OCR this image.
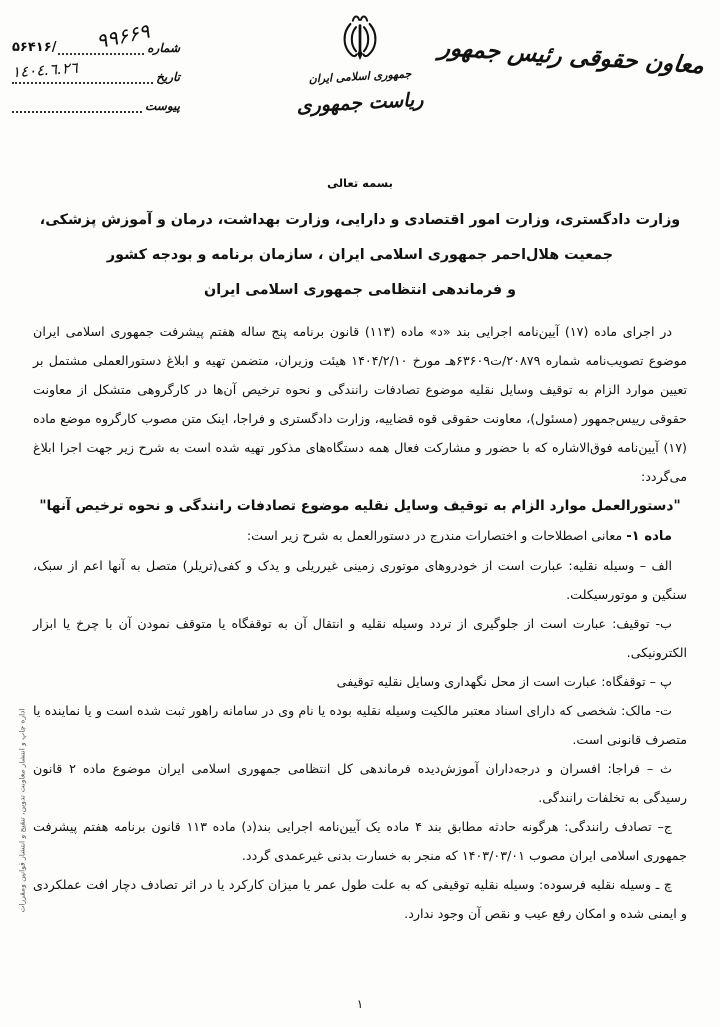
اداره چاپ و انتشار معاونت تدوین، تنقیح و انتشار قوانین ومقررات
معاون حقوقی رئیس جمهور
جمهوری اسلامی ایران
ریاست جمهوری
۹۹۶۶۹
شماره
/۵۶۴۱۶
تاریخ
١٤٠٤.٦.٢٦
پیوست
بسمه تعالی
وزارت دادگستری، وزارت امور اقتصادی و دارایی، وزارت بهداشت، درمان و آموزش پزشکی،
جمعیت هلال‌احمر جمهوری اسلامی ایران ، سازمان برنامه و بودجه کشور
و فرماندهی انتظامی جمهوری اسلامی ایران

در اجرای ماده (۱۷) آیین‌نامه اجرایی بند «د» ماده (۱۱۳) قانون برنامه پنج ساله هفتم پیشرفت جمهوری اسلامی ایران موضوع تصویب‌نامه شماره ۲۰۸۷۹/ت۶۳۶۰۹هـ مورخ ۱۴۰۴/۲/۱۰ هیئت وزیران، متضمن تهیه و ابلاغ دستورالعملی مشتمل بر تعیین موارد الزام به توقیف وسایل نقلیه موضوع تصادفات رانندگی و نحوه ترخیص آن‌ها در کارگروهی متشکل از معاونت حقوقی رییس‌جمهور (مسئول)، معاونت حقوقی قوه قضاییه، وزارت دادگستری و فراجا، اینک متن مصوب کارگروه موضع ماده (۱۷) آیین‌نامه فوق‌الاشاره که با حضور و مشارکت فعال همه دستگاه‌های مذکور تهیه شده است به شرح زیر جهت اجرا ابلاغ می‌گردد:

"دستورالعمل موارد الزام به توقیف وسایل نقلیه موضوع تصادفات رانندگی و نحوه ترخیص آنها"

ماده ۱- معانی اصطلاحات و اختصارات مندرج در دستورالعمل به شرح زیر است:

الف – وسیله نقلیه: عبارت است از خودروهای موتوری زمینی غیرریلی و یدک و کفی(تریلر) متصل به آنها اعم از سبک، سنگین و موتورسیکلت.

ب- توقیف: عبارت است از جلوگیری از تردد وسیله نقلیه و انتقال آن به توقفگاه یا متوقف نمودن آن با چرخ یا ابزار الکترونیکی.

پ – توقفگاه: عبارت است از محل نگهداری وسایل نقلیه توقیفی

ت- مالک: شخصی که دارای اسناد معتبر مالکیت وسیله نقلیه بوده یا نام وی در سامانه راهور ثبت شده است و یا نماینده یا متصرف قانونی است.

ث – فراجا: افسران و درجه‌داران آموزش‌دیده فرماندهی کل انتظامی جمهوری اسلامی ایران موضوع ماده ۲ قانون رسیدگی به تخلفات رانندگی.

ج– تصادف رانندگی: هرگونه حادثه مطابق بند ۴ ماده یک آیین‌نامه اجرایی بند(د) ماده ۱۱۳ قانون برنامه هفتم پیشرفت جمهوری اسلامی ایران مصوب ۱۴۰۳/۰۳/۰۱ که منجر به خسارت بدنی غیرعمدی گردد.

چ ـ وسیله نقلیه فرسوده: وسیله نقلیه توقیفی که به علت طول عمر یا میزان کارکرد یا در اثر تصادف دچار افت عملکردی و ایمنی شده و امکان رفع عیب و نقص آن وجود ندارد.

۱
